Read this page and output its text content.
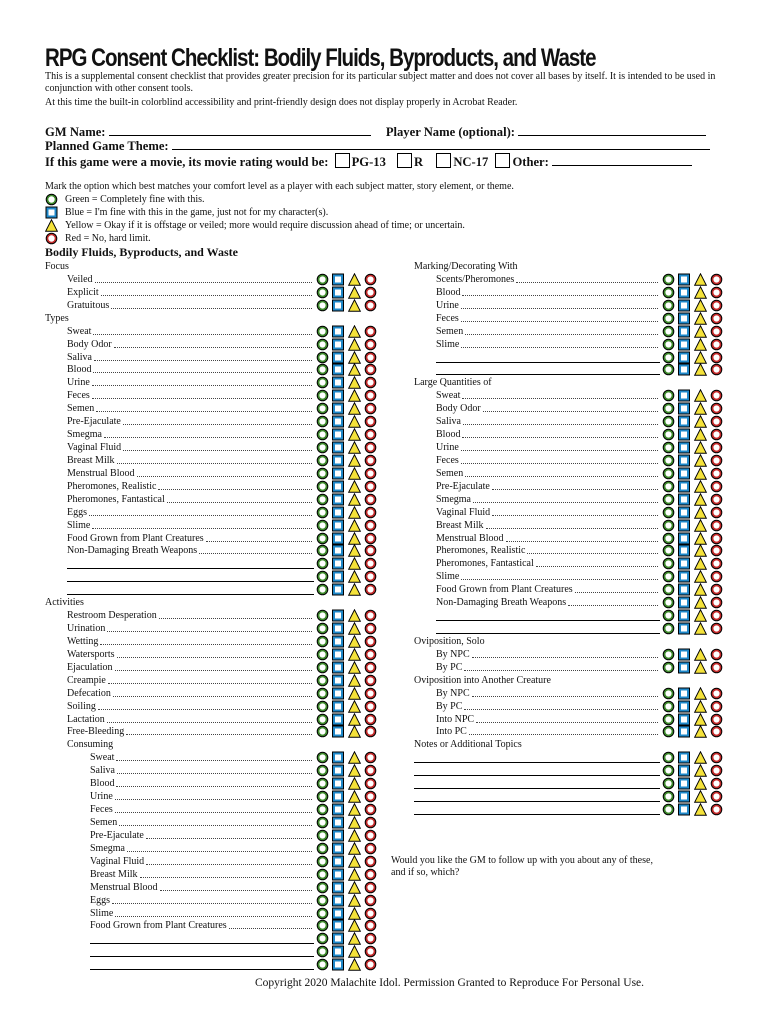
RPG Consent Checklist: Bodily Fluids, Byproducts, and Waste
This is a supplemental consent checklist that provides greater precision for its particular subject matter and does not cover all bases by itself. It is intended to be used in conjunction with other consent tools.
At this time the built-in colorblind accessibility and print-friendly design does not display properly in Acrobat Reader.
GM Name:	Player Name (optional):
Planned Game Theme:
If this game were a movie, its movie rating would be: PG-13 R NC-17 Other:
Mark the option which best matches your comfort level as a player with each subject matter, story element, or theme.
Green = Completely fine with this.
Blue = I'm fine with this in the game, just not for my character(s).
Yellow = Okay if it is offstage or veiled; more would require discussion ahead of time; or uncertain.
Red = No, hard limit.
Bodily Fluids, Byproducts, and Waste
Focus
Veiled
Explicit
Gratuitous
Types
Sweat
Body Odor
Saliva
Blood
Urine
Feces
Semen
Pre-Ejaculate
Smegma
Vaginal Fluid
Breast Milk
Menstrual Blood
Pheromones, Realistic
Pheromones, Fantastical
Eggs
Slime
Food Grown from Plant Creatures
Non-Damaging Breath Weapons
Activities
Restroom Desperation
Urination
Wetting
Watersports
Ejaculation
Creampie
Defecation
Soiling
Lactation
Free-Bleeding
Consuming
Sweat
Saliva
Blood
Urine
Feces
Semen
Pre-Ejaculate
Smegma
Vaginal Fluid
Breast Milk
Menstrual Blood
Eggs
Slime
Food Grown from Plant Creatures
Marking/Decorating With
Scents/Pheromones
Blood
Urine
Feces
Semen
Slime
Large Quantities of
Sweat
Body Odor
Saliva
Blood
Urine
Feces
Semen
Pre-Ejaculate
Smegma
Vaginal Fluid
Breast Milk
Menstrual Blood
Pheromones, Realistic
Pheromones, Fantastical
Slime
Food Grown from Plant Creatures
Non-Damaging Breath Weapons
Oviposition, Solo
By NPC
By PC
Oviposition into Another Creature
By NPC
By PC
Into NPC
Into PC
Notes or Additional Topics
Would you like the GM to follow up with you about any of these, and if so, which?
Copyright 2020 Malachite Idol. Permission Granted to Reproduce For Personal Use.
